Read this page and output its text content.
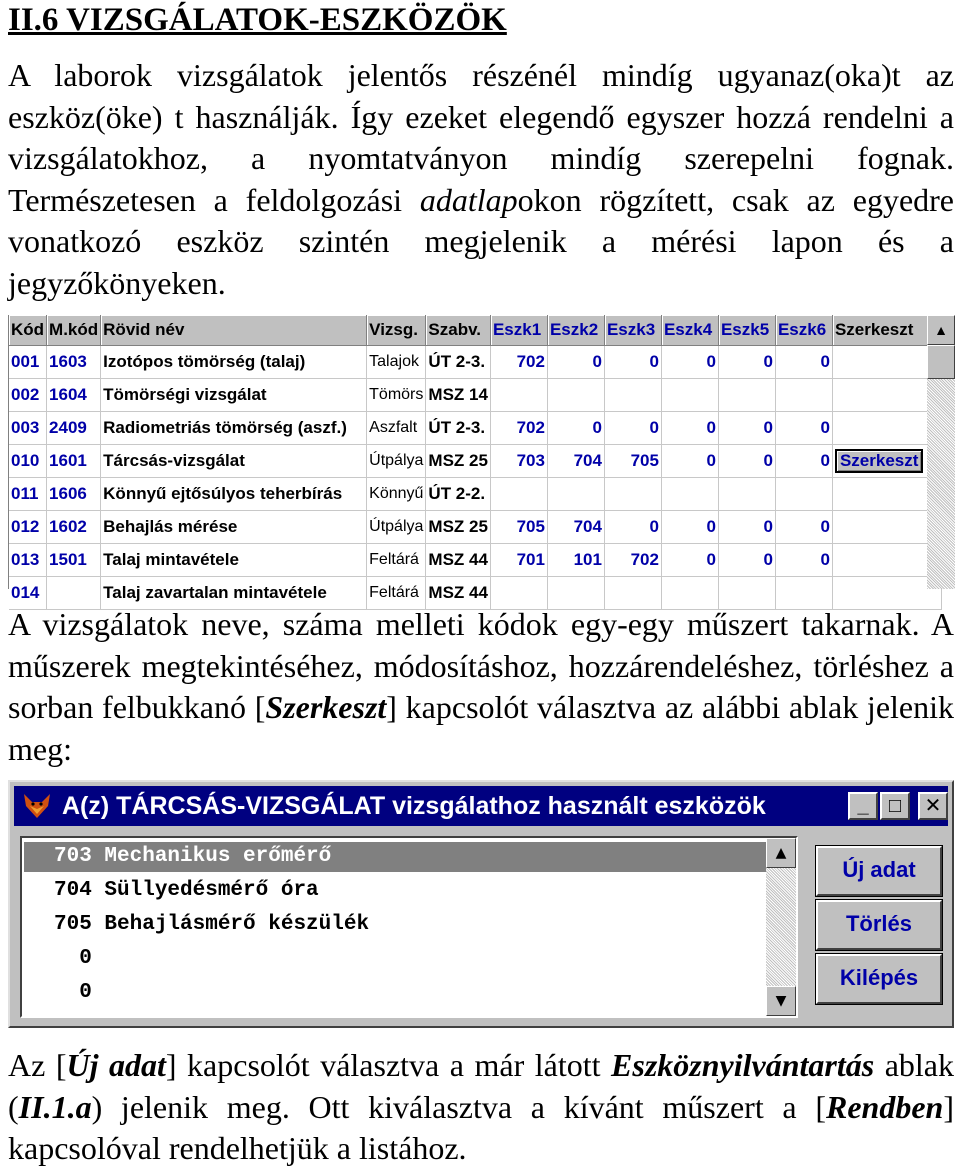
II.6 VIZSGÁLATOK-ESZKÖZÖK
A laborok vizsgálatok jelentős részénél mindíg ugyanaz(oka)t az eszköz(öke) t használják. Így ezeket elegendő egyszer hozzá rendelni a vizsgálatokhoz, a nyomtatványon mindíg szerepelni fognak. Természetesen a feldolgozási adatlapokon rögzített, csak az egyedre vonatkozó eszköz szintén megjelenik a mérési lapon és a jegyzőkönyeken.
Kód	M.kód	Rövid név	Vizsg.	Szabv.	Eszk1	Eszk2	Eszk3	Eszk4	Eszk5	Eszk6	Szerkeszt
001	1603	Izotópos tömörség (talaj)	Talajok	ÚT 2-3.	702	0	0	0	0	0	
002	1604	Tömörségi vizsgálat	Tömörs	MSZ 14							
003	2409	Radiometriás tömörség (aszf.)	Aszfalt	ÚT 2-3.	702	0	0	0	0	0	
010	1601	Tárcsás-vizsgálat	Útpálya	MSZ 25	703	704	705	0	0	0	Szerkeszt
011	1606	Könnyű ejtősúlyos teherbírás	Könnyű	ÚT 2-2.							
012	1602	Behajlás mérése	Útpálya	MSZ 25	705	704	0	0	0	0	
013	1501	Talaj mintavétele	Feltárá	MSZ 44	701	101	702	0	0	0	
014		Talaj zavartalan mintavétele	Feltárá	MSZ 44							
▲
A vizsgálatok neve, száma melleti kódok egy-egy műszert takarnak. A műszerek megtekintéséhez, módosításhoz, hozzárendeléshez, törléshez a sorban felbukkanó [Szerkeszt] kapcsolót választva az alábbi ablak jelenik meg:
A(z) TÁRCSÁS-VIZSGÁLAT vizsgálathoz használt eszközök	_	□	✕
703 Mechanikus erőmérő
704 Süllyedésmérő óra
705 Behajlásmérő készülék
0
0
▲
▼
Új adat
Törlés
Kilépés
Az [Új adat] kapcsolót választva a már látott Eszköznyilvántartás ablak (II.1.a) jelenik meg. Ott kiválasztva a kívánt műszert a [Rendben] kapcsolóval rendelhetjük a listához.
